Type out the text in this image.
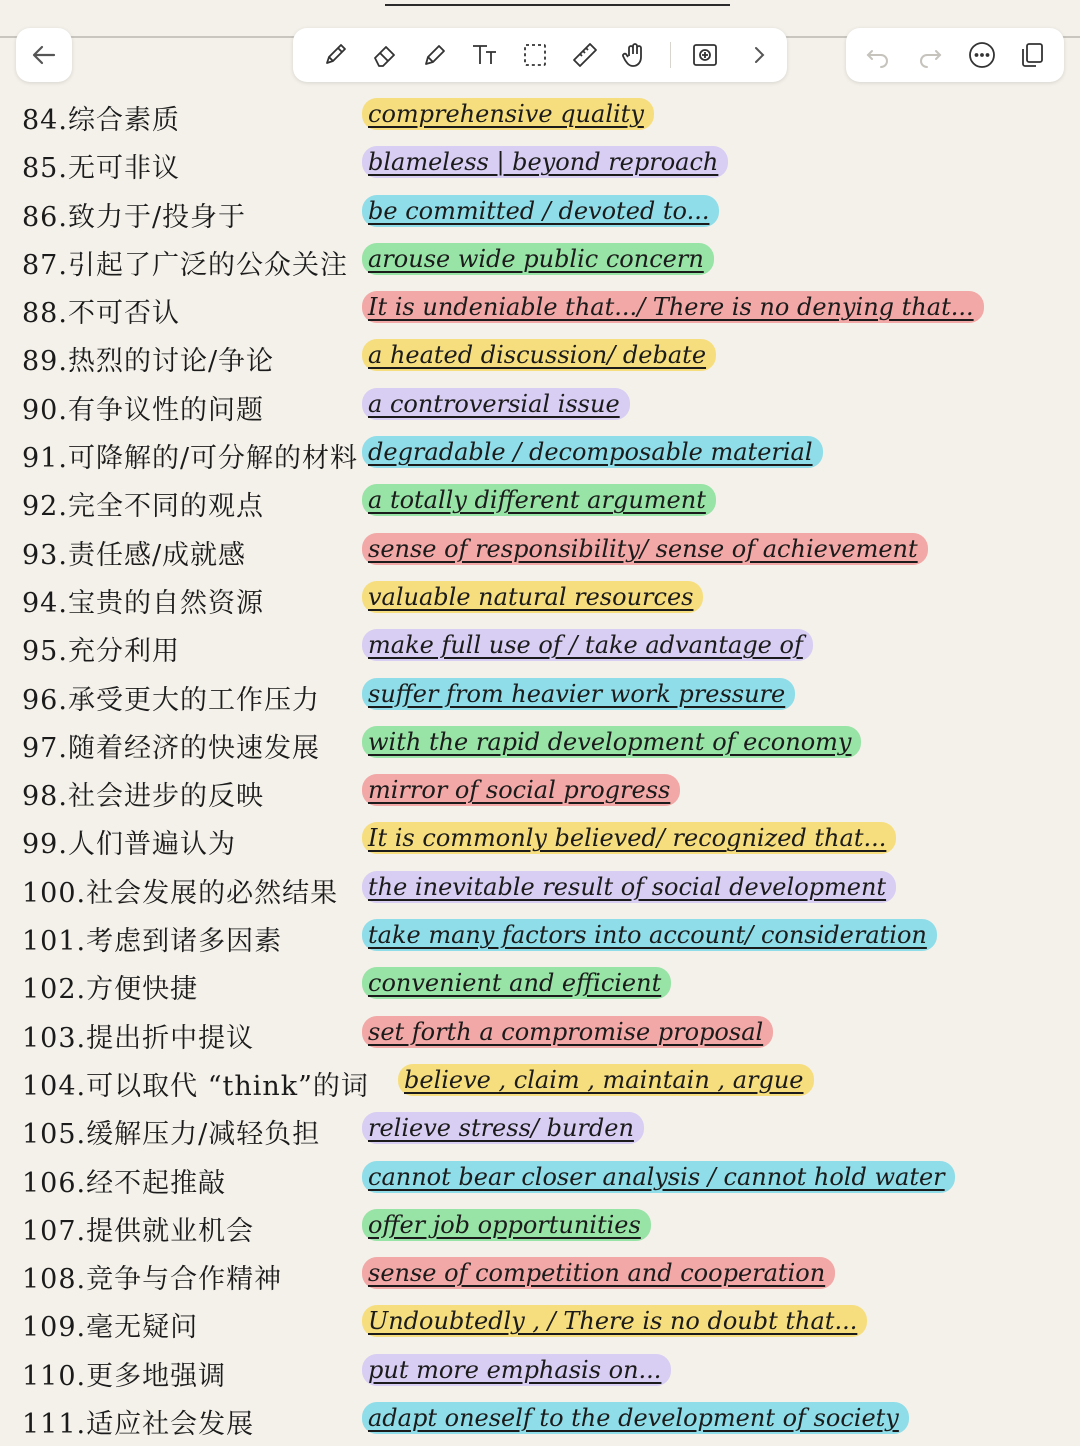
84.综合素质	comprehensive quality
85.无可非议	blameless | beyond reproach
86.致力于/投身于	be committed / devoted to...
87.引起了广泛的公众关注 arouse wide public concern
88.不可否认	It is undeniable that.../ There is no denying that...
89.热烈的讨论/争论	a heated discussion/ debate
90.有争议性的问题	a controversial issue
91.可降解的/可分解的材料 degradable / decomposable material
92.完全不同的观点	a totally different argument
93.责任感/成就感	sense of responsibility/ sense of achievement
94.宝贵的自然资源	valuable natural resources
95.充分利用	make full use of / take advantage of
96.承受更大的工作压力 suffer from heavier work pressure
97.随着经济的快速发展 with the rapid development of economy
98.社会进步的反映	mirror of social progress
99.人们普遍认为	It is commonly believed/ recognized that...
100.社会发展的必然结果 the inevitable result of social development
101.考虑到诸多因素	take many factors into account/ consideration
102.方便快捷	convenient and efficient
103.提出折中提议	set forth a compromise proposal
104.可以取代 “think”的词 believe , claim , maintain , argue
105.缓解压力/减轻负担 relieve stress/ burden
106.经不起推敲	cannot bear closer analysis / cannot hold water
107.提供就业机会	offer job opportunities
108.竞争与合作精神	sense of competition and cooperation
109.毫无疑问	Undoubtedly , / There is no doubt that...
110.更多地强调	put more emphasis on...
111.适应社会发展	adapt oneself to the development of society
